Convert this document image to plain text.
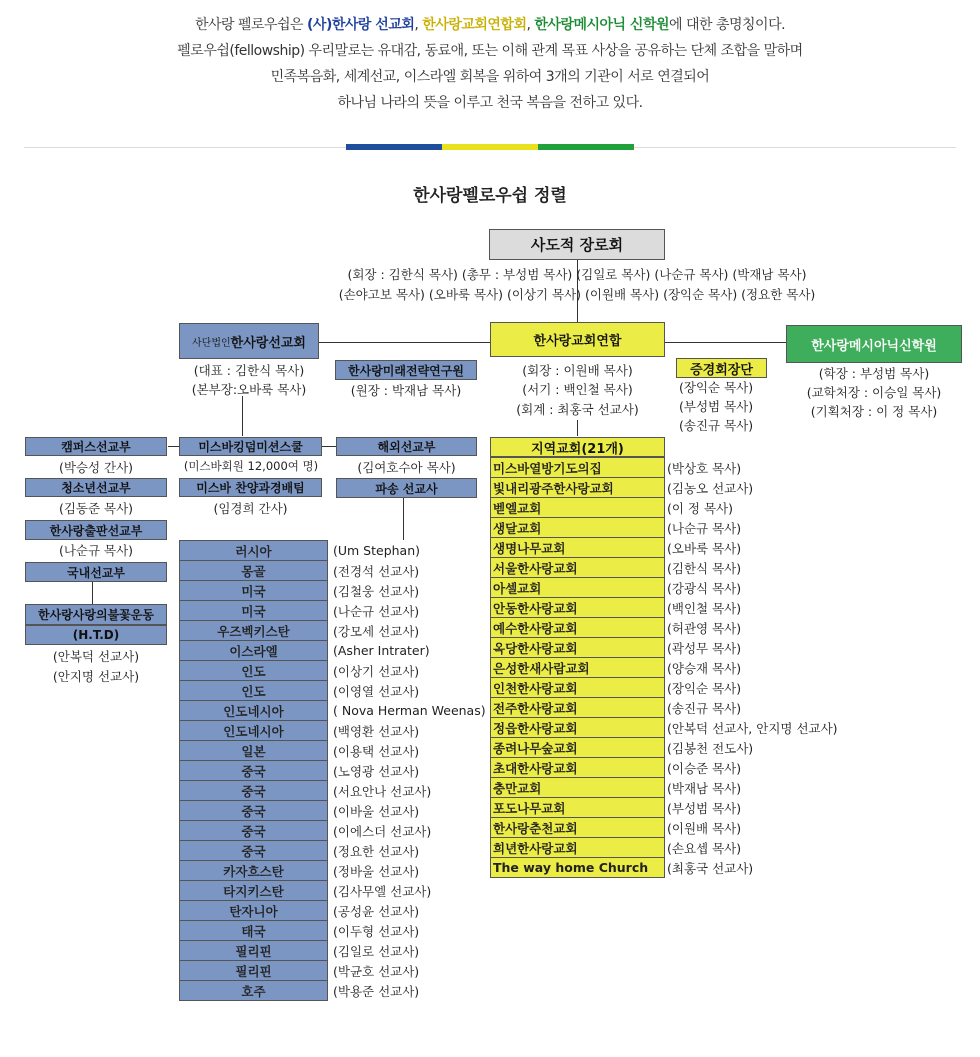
한사랑 펠로우쉽은 (사)한사랑 선교회, 한사랑교회연합회, 한사랑메시아닉 신학원에 대한 총명칭이다.
펠로우쉽(fellowship) 우리말로는 유대감, 동료애, 또는 이해 관계 목표 사상을 공유하는 단체 조합을 말하며
민족복음화, 세계선교, 이스라엘 회복을 위하여 3개의 기관이 서로 연결되어
하나님 나라의 뜻을 이루고 천국 복음을 전하고 있다.
한사랑펠로우쉽 정렬
사도적 장로회
(회장 : 김한식 목사) (총무 : 부성범 목사) (김일로 목사) (나순규 목사) (박재남 목사)
(손야고보 목사) (오바룩 목사) (이상기 목사) (이원배 목사) (장익순 목사) (정요한 목사)
사단법인 한사랑선교회
(대표 : 김한식 목사)
(본부장:오바룩 목사)
한사랑미래전략연구원
(원장 : 박재남 목사)
한사랑교회연합
(회장 : 이원배 목사)
(서기 : 백인철 목사)
(회계 : 최홍국 선교사)
증경회장단
(장익순 목사)
(부성범 목사)
(송진규 목사)
한사랑메시아닉신학원
(학장 : 부성범 목사)
(교학처장 : 이승일 목사)
(기획처장 : 이 정 목사)
캠퍼스선교부
(박승성 간사)
청소년선교부
(김동준 목사)
한사랑출판선교부
(나순규 목사)
국내선교부
한사랑사랑의불꽃운동
(H.T.D)
(안복덕 선교사)
(안지명 선교사)
미스바킹덤미션스쿨
(미스바회원 12,000여 명)
미스바 찬양과경배팀
(임경희 간사)
해외선교부
(김여호수아 목사)
파송 선교사
러시아	(Um Stephan)
몽골	(전경석 선교사)
미국	(김철웅 선교사)
미국	(나순규 선교사)
우즈벡키스탄	(강모세 선교사)
이스라엘	(Asher Intrater)
인도	(이상기 선교사)
인도	(이영열 선교사)
인도네시아	( Nova Herman Weenas)
인도네시아	(백영환 선교사)
일본	(이용택 선교사)
중국	(노영광 선교사)
중국	(서요안나 선교사)
중국	(이바울 선교사)
중국	(이에스더 선교사)
중국	(정요한 선교사)
카자흐스탄	(정바울 선교사)
타지키스탄	(김사무엘 선교사)
탄자니아	(공성윤 선교사)
태국	(이두형 선교사)
필리핀	(김일로 선교사)
필리핀	(박균호 선교사)
호주	(박용준 선교사)
지역교회(21개)
미스바열방기도의집	(박상호 목사)
빛내리광주한사랑교회	(김농오 선교사)
벧엘교회	(이 정 목사)
생달교회	(나순규 목사)
생명나무교회	(오바룩 목사)
서울한사랑교회	(김한식 목사)
아셀교회	(강광식 목사)
안동한사랑교회	(백인철 목사)
예수한사랑교회	(허관영 목사)
옥당한사랑교회	(곽성무 목사)
은성한새사람교회	(양승재 목사)
인천한사랑교회	(장익순 목사)
전주한사랑교회	(송진규 목사)
정읍한사랑교회	(안복덕 선교사, 안지명 선교사)
종려나무숲교회	(김봉천 전도사)
초대한사랑교회	(이승준 목사)
충만교회	(박재남 목사)
포도나무교회	(부성범 목사)
한사랑춘천교회	(이원배 목사)
희년한사랑교회	(손요셉 목사)
The way home Church	(최홍국 선교사)
